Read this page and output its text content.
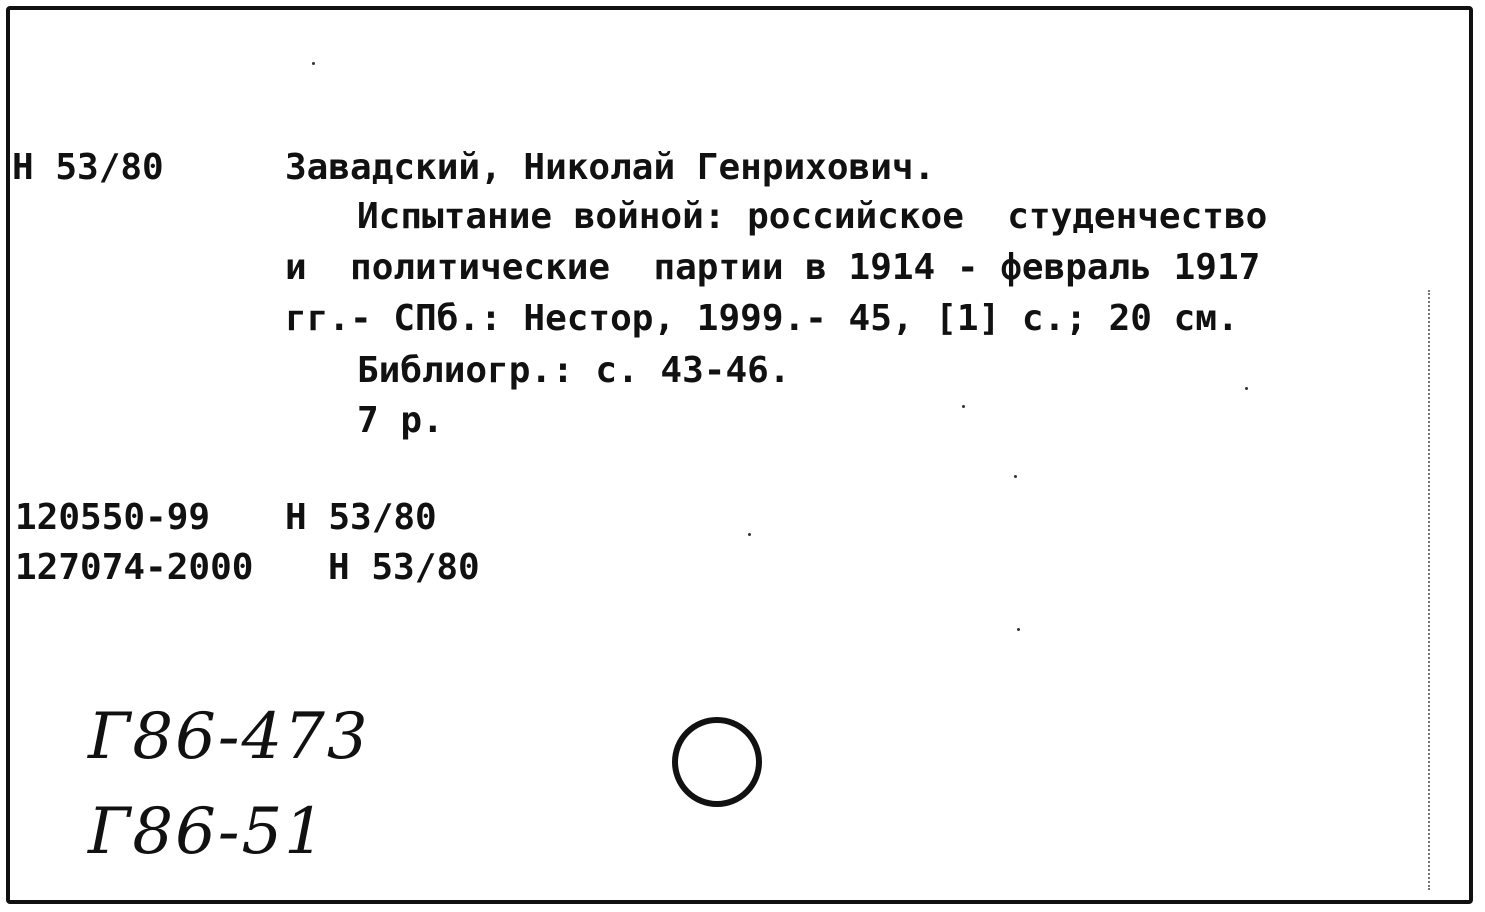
Н 53/80	Завадский, Николай Генрихович.

Испытание войной: российское  студенчество

и  политические  партии в 1914 - февраль 1917

гг.- СПб.: Нестор, 1999.- 45, [1] с.; 20 см.

Библиогр.: с. 43-46.

7 р.

120550-99 Н 53/80

127074-2000 Н 53/80

Г86-473

Г86-51
